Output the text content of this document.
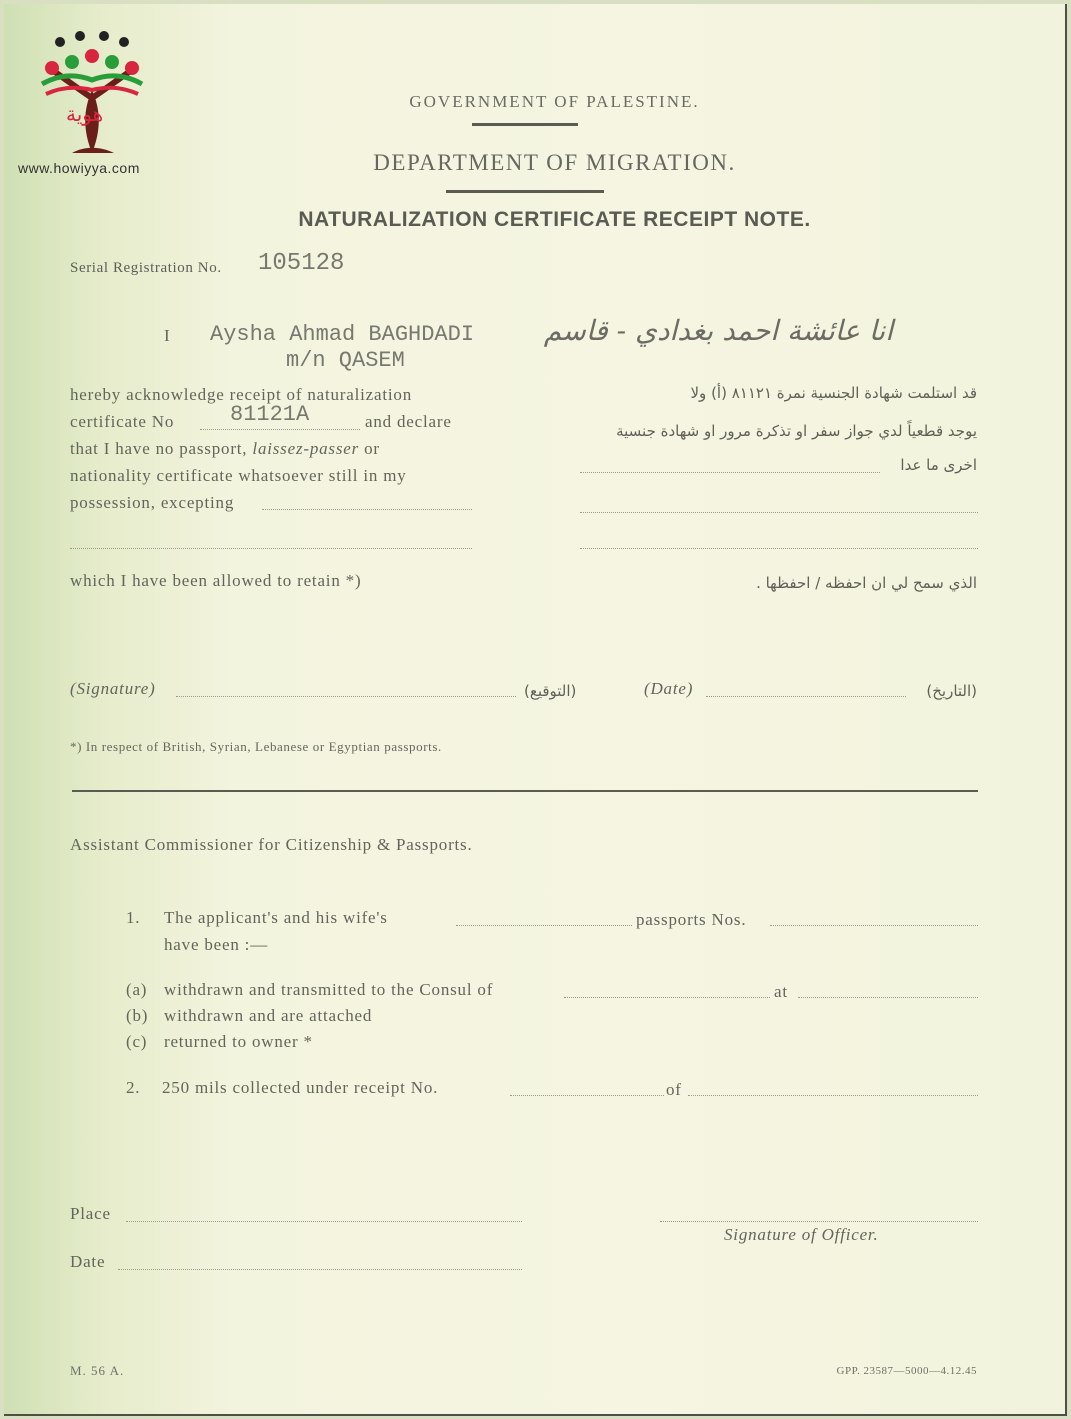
هوية
www.howiyya.com
GOVERNMENT OF PALESTINE.
DEPARTMENT OF MIGRATION.
NATURALIZATION CERTIFICATE RECEIPT NOTE.
Serial Registration No. 105128
I Aysha Ahmad BAGHDADI
m/n QASEM
انا عائشة احمد بغدادي - قاسم
hereby acknowledge receipt of naturalization
certificate No	81121A	and declare
that I have no passport, laissez-passer or
nationality certificate whatsoever still in my
possession, excepting
قد استلمت شهادة الجنسية نمرة ٨١١٢١ (أ) ولا
يوجد قطعياً لدي جواز سفر او تذكرة مرور او شهادة جنسية
اخرى ما عدا
which I have been allowed to retain *)	الذي سمح لي ان احفظه / احفظها .
(Signature)	(التوقيع)	(Date)	(التاريخ)
*) In respect of British, Syrian, Lebanese or Egyptian passports.
Assistant Commissioner for Citizenship & Passports.
1. The applicant's and his wife's	passports Nos.
have been :—
(a) withdrawn and transmitted to the Consul of	at
(b) withdrawn and are attached
(c) returned to owner *
2. 250 mils collected under receipt No.	of
Place
Signature of Officer.
Date
M. 56 A.	GPP. 23587—5000—4.12.45
